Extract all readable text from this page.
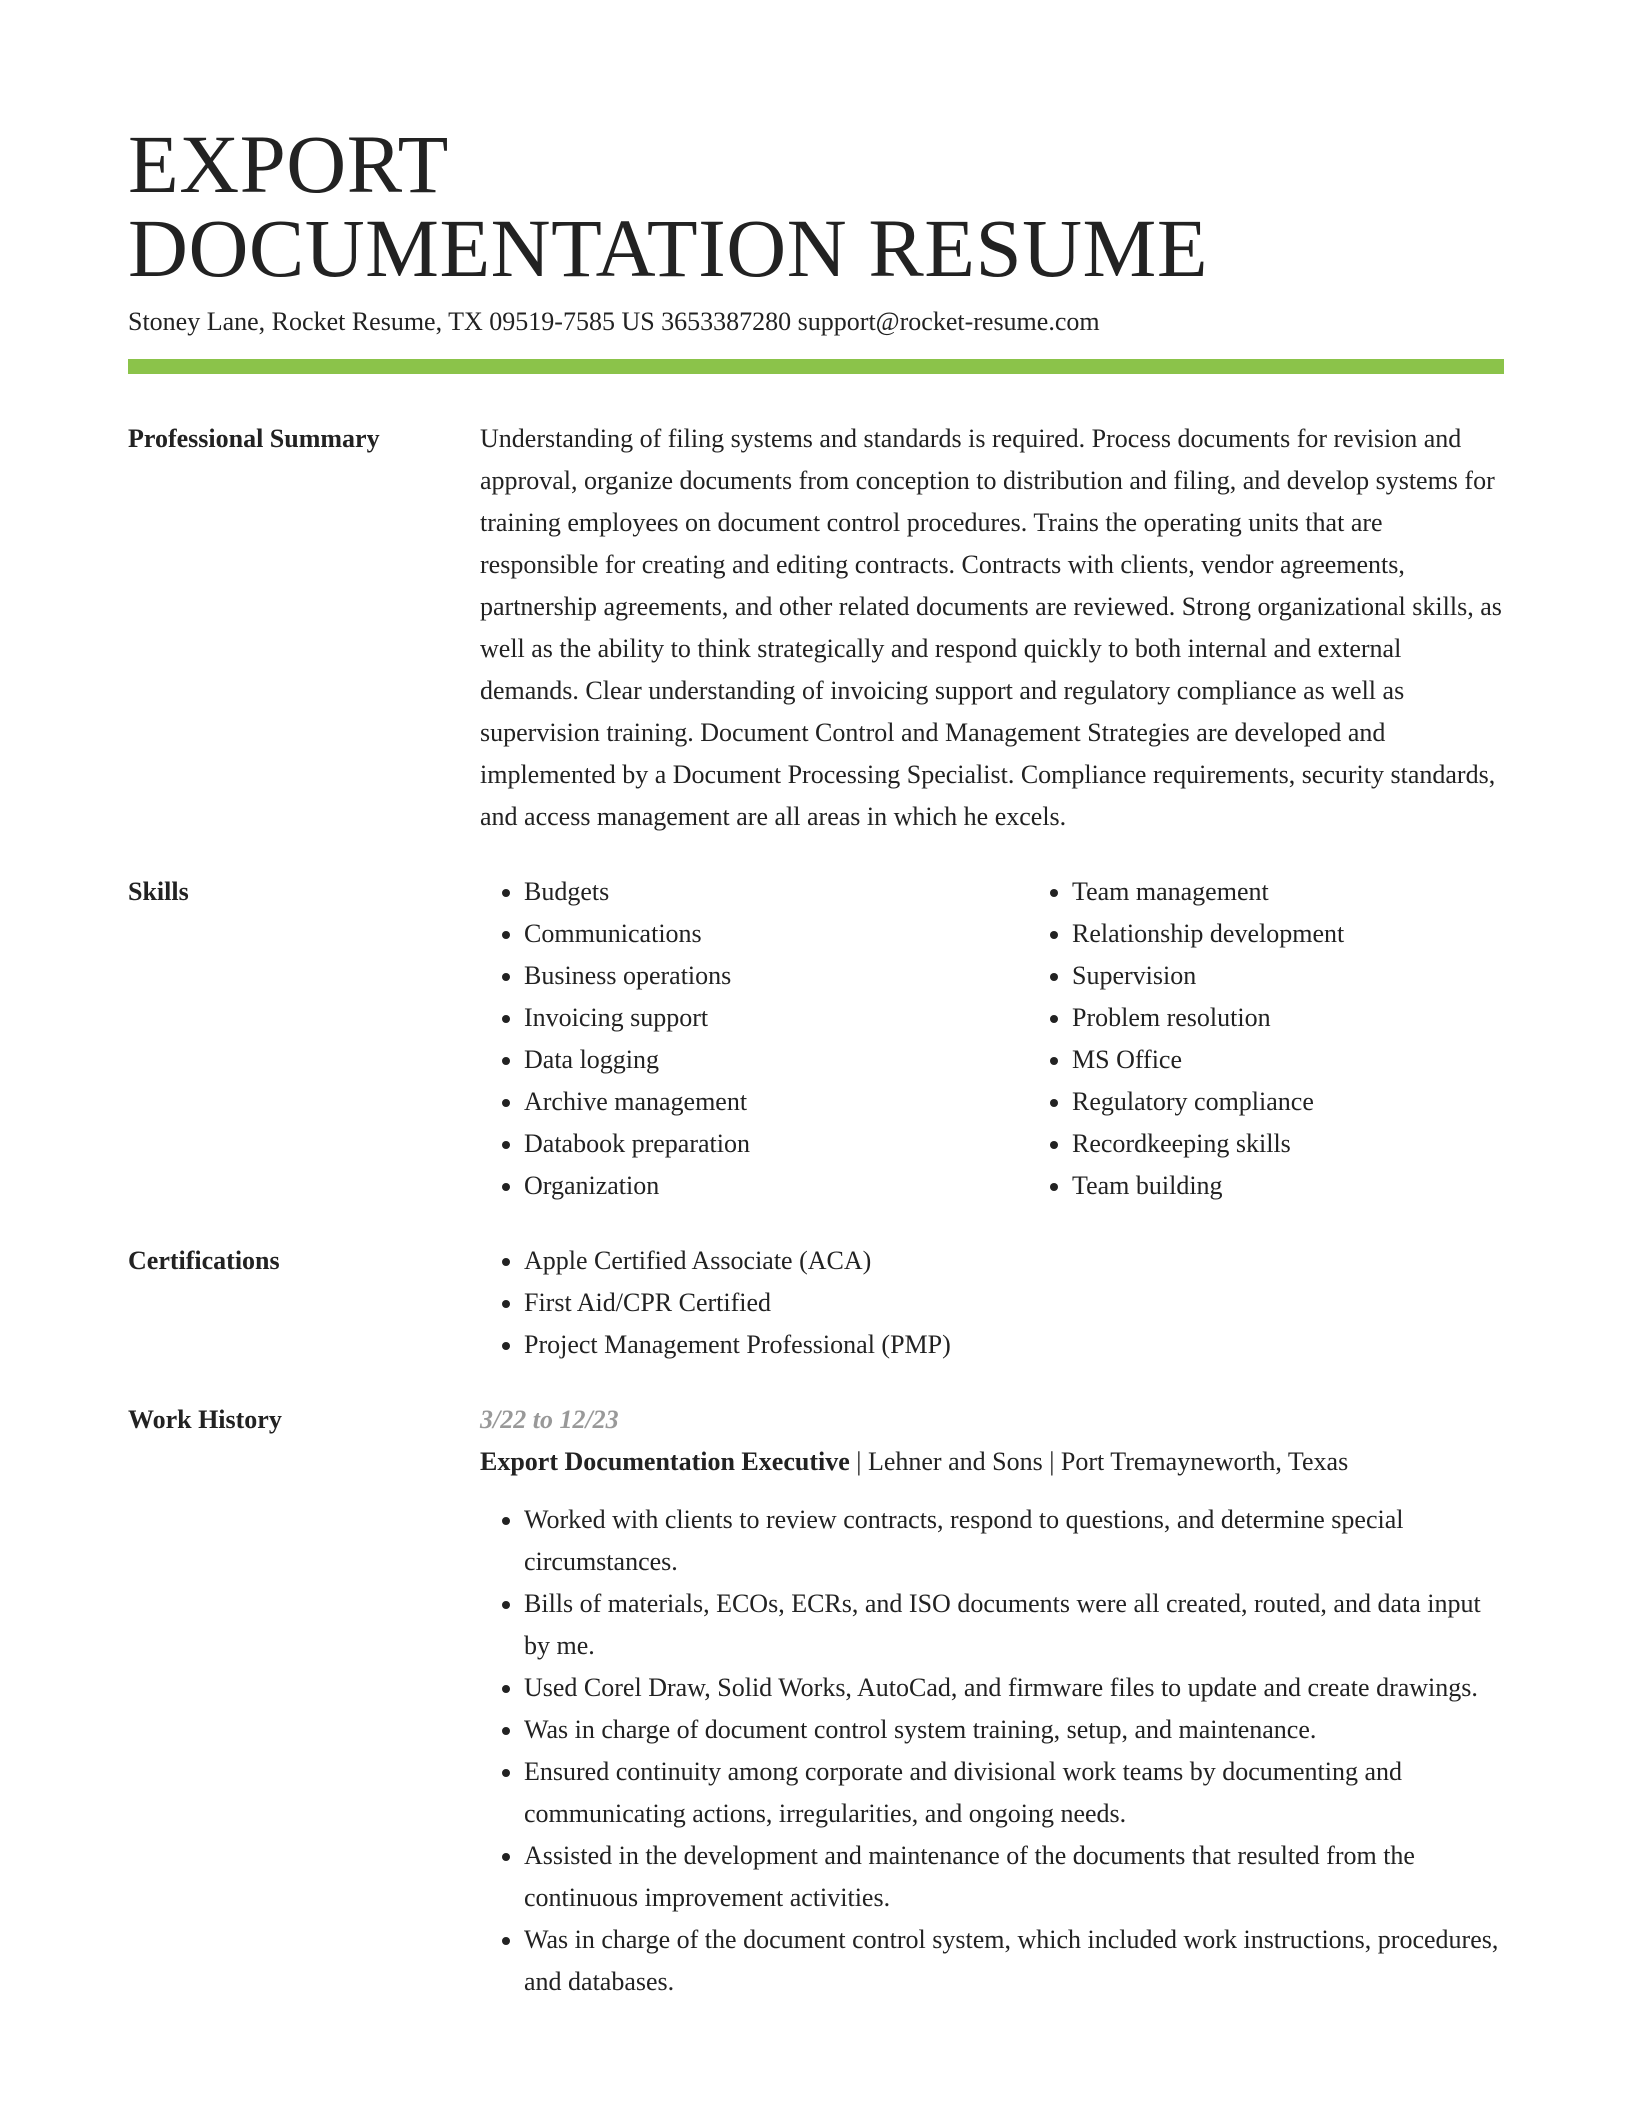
EXPORT
DOCUMENTATION RESUME
Stoney Lane, Rocket Resume, TX 09519-7585 US 3653387280 support@rocket-resume.com
Professional Summary	Understanding of filing systems and standards is required. Process documents for revision and approval, organize documents from conception to distribution and filing, and develop systems for training employees on document control procedures. Trains the operating units that are responsible for creating and editing contracts. Contracts with clients, vendor agreements, partnership agreements, and other related documents are reviewed. Strong organizational skills, as well as the ability to think strategically and respond quickly to both internal and external demands. Clear understanding of invoicing support and regulatory compliance as well as supervision training. Document Control and Management Strategies are developed and implemented by a Document Processing Specialist. Compliance requirements, security standards, and access management are all areas in which he excels.

Skills	• Budgets
• Communications
• Business operations
• Invoicing support
• Data logging
• Archive management
• Databook preparation
• Organization
• Team management
• Relationship development
• Supervision
• Problem resolution
• MS Office
• Regulatory compliance
• Recordkeeping skills
• Team building
Certifications	• Apple Certified Associate (ACA)
• First Aid/CPR Certified
• Project Management Professional (PMP)
Work History	3/22 to 12/23
Export Documentation Executive | Lehner and Sons | Port Tremayneworth, Texas
• Worked with clients to review contracts, respond to questions, and determine special circumstances.
• Bills of materials, ECOs, ECRs, and ISO documents were all created, routed, and data input by me.
• Used Corel Draw, Solid Works, AutoCad, and firmware files to update and create drawings.
• Was in charge of document control system training, setup, and maintenance.
• Ensured continuity among corporate and divisional work teams by documenting and communicating actions, irregularities, and ongoing needs.
• Assisted in the development and maintenance of the documents that resulted from the continuous improvement activities.
• Was in charge of the document control system, which included work instructions, procedures, and databases.
